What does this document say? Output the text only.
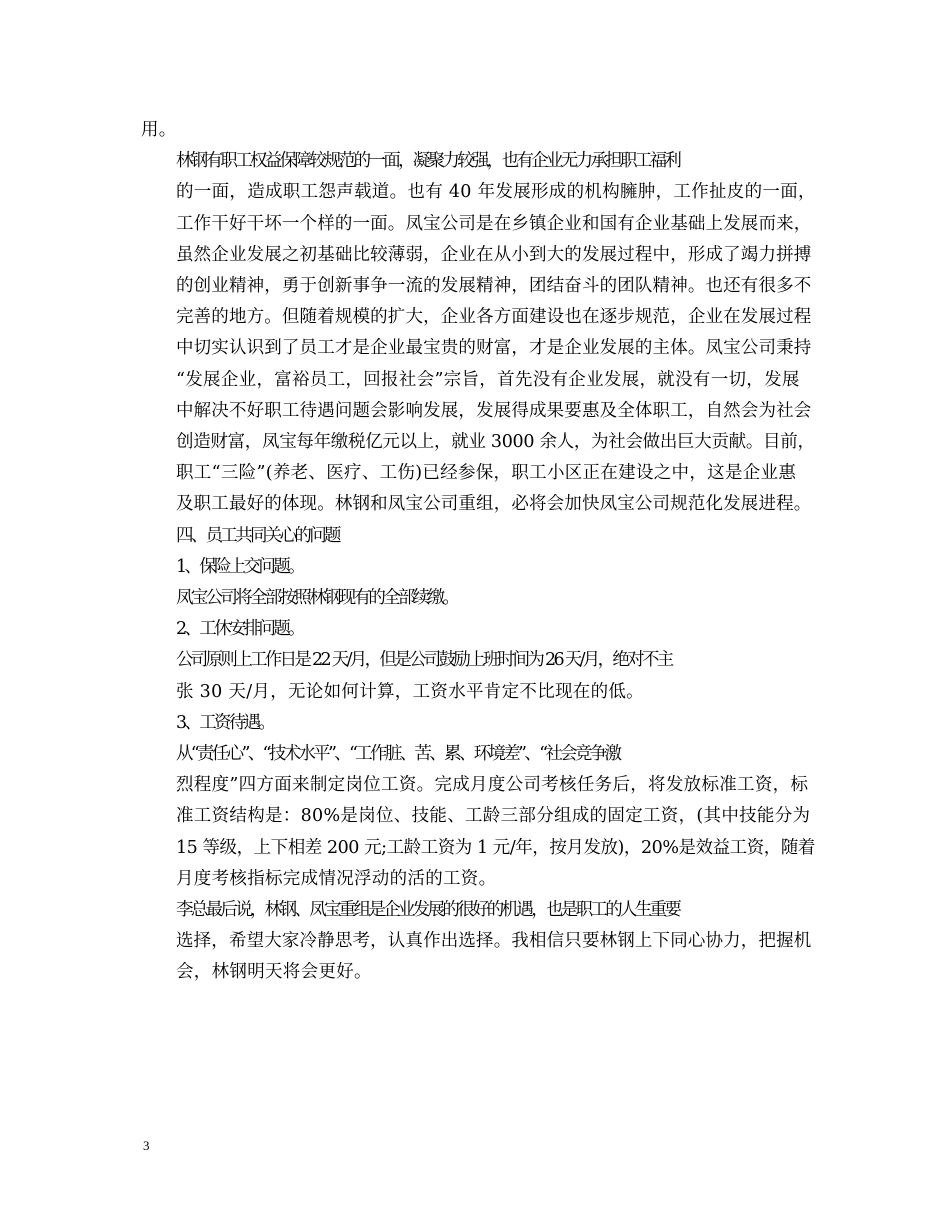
用。

林钢有职工权益保障较规范的一面，凝聚力较强，也有企业无力承担职工福利
的一面，造成职工怨声载道。也有 40 年发展形成的机构臃肿，工作扯皮的一面，
工作干好干坏一个样的一面。凤宝公司是在乡镇企业和国有企业基础上发展而来，
虽然企业发展之初基础比较薄弱，企业在从小到大的发展过程中，形成了竭力拼搏
的创业精神，勇于创新事争一流的发展精神，团结奋斗的团队精神。也还有很多不
完善的地方。但随着规模的扩大，企业各方面建设也在逐步规范，企业在发展过程
中切实认识到了员工才是企业最宝贵的财富，才是企业发展的主体。凤宝公司秉持
“发展企业，富裕员工，回报社会”宗旨，首先没有企业发展，就没有一切，发展
中解决不好职工待遇问题会影响发展，发展得成果要惠及全体职工，自然会为社会
创造财富，凤宝每年缴税亿元以上，就业 3000 余人，为社会做出巨大贡献。目前，
职工“三险”(养老、医疗、工伤)已经参保，职工小区正在建设之中，这是企业惠
及职工最好的体现。林钢和凤宝公司重组，必将会加快凤宝公司规范化发展进程。

四、员工共同关心的问题

1、保险上交问题。

凤宝公司将全部按照林钢现有的全部续缴。

2、工休安排问题。

公司原则上工作日是 22 天/月，但是公司鼓励上班时间为 26 天/月，绝对不主
张 30 天/月，无论如何计算，工资水平肯定不比现在的低。

3、工资待遇。

从“责任心”、“技术水平”、“工作脏、苦、累、环境差”、“社会竞争激
烈程度”四方面来制定岗位工资。完成月度公司考核任务后，将发放标准工资，标
准工资结构是：80%是岗位、技能、工龄三部分组成的固定工资，(其中技能分为
15 等级，上下相差 200 元;工龄工资为 1 元/年，按月发放)，20%是效益工资，随着
月度考核指标完成情况浮动的活的工资。

李总最后说，林钢、凤宝重组是企业发展的很好的机遇，也是职工的人生重要
选择，希望大家冷静思考，认真作出选择。我相信只要林钢上下同心协力，把握机
会，林钢明天将会更好。

3
